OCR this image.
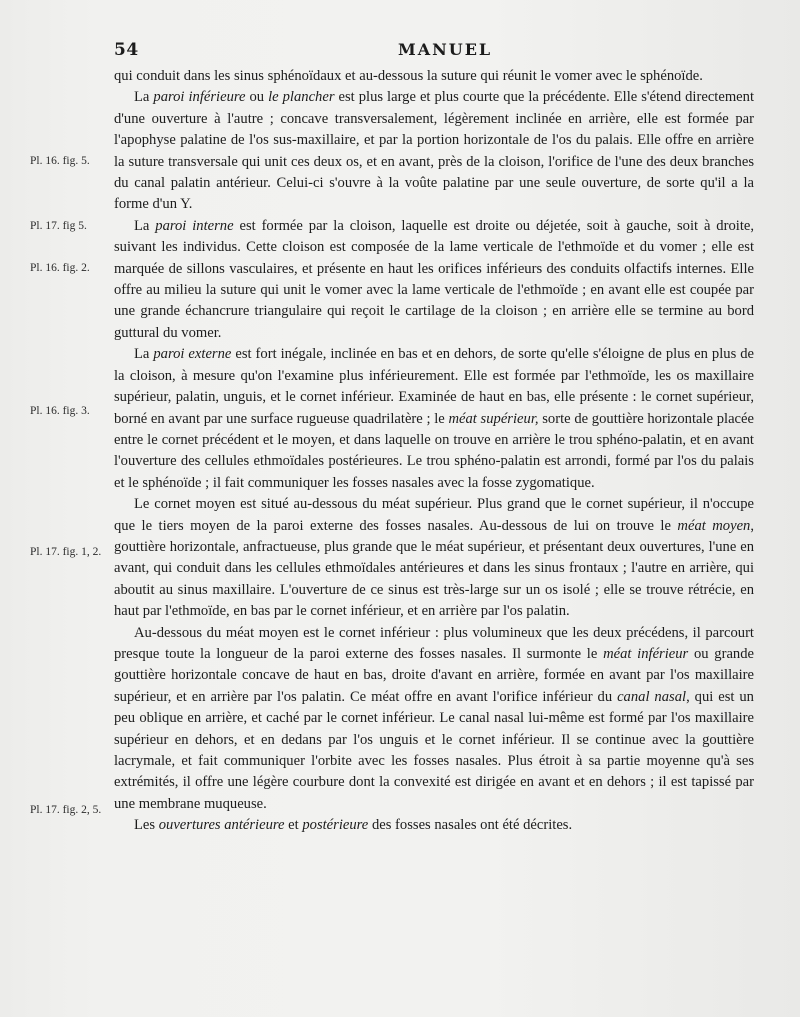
54	MANUEL
Pl. 16. fig. 5.
Pl. 17. fig 5.
Pl. 16. fig. 2.
Pl. 16. fig. 3.
Pl. 17. fig. 1, 2.
Pl. 17. fig. 2, 5.

qui conduit dans les sinus sphénoïdaux et au-dessous la suture qui réunit le vomer avec le sphénoïde.

La paroi inférieure ou le plancher est plus large et plus courte que la précédente. Elle s'étend directement d'une ouverture à l'autre ; concave transversalement, légèrement inclinée en arrière, elle est formée par l'apophyse palatine de l'os sus-maxillaire, et par la portion horizontale de l'os du palais. Elle offre en arrière la suture transversale qui unit ces deux os, et en avant, près de la cloison, l'orifice de l'une des deux branches du canal palatin antérieur. Celui-ci s'ouvre à la voûte palatine par une seule ouverture, de sorte qu'il a la forme d'un Y.

La paroi interne est formée par la cloison, laquelle est droite ou déjetée, soit à gauche, soit à droite, suivant les individus. Cette cloison est composée de la lame verticale de l'ethmoïde et du vomer ; elle est marquée de sillons vasculaires, et présente en haut les orifices inférieurs des conduits olfactifs internes. Elle offre au milieu la suture qui unit le vomer avec la lame verticale de l'ethmoïde ; en avant elle est coupée par une grande échancrure triangulaire qui reçoit le cartilage de la cloison ; en arrière elle se termine au bord guttural du vomer.

La paroi externe est fort inégale, inclinée en bas et en dehors, de sorte qu'elle s'éloigne de plus en plus de la cloison, à mesure qu'on l'examine plus inférieurement. Elle est formée par l'ethmoïde, les os maxillaire supérieur, palatin, unguis, et le cornet inférieur. Examinée de haut en bas, elle présente : le cornet supérieur, borné en avant par une surface rugueuse quadrilatère ; le méat supérieur, sorte de gouttière horizontale placée entre le cornet précédent et le moyen, et dans laquelle on trouve en arrière le trou sphéno-palatin, et en avant l'ouverture des cellules ethmoïdales postérieures. Le trou sphéno-palatin est arrondi, formé par l'os du palais et le sphénoïde ; il fait communiquer les fosses nasales avec la fosse zygomatique.

Le cornet moyen est situé au-dessous du méat supérieur. Plus grand que le cornet supérieur, il n'occupe que le tiers moyen de la paroi externe des fosses nasales. Au-dessous de lui on trouve le méat moyen, gouttière horizontale, anfractueuse, plus grande que le méat supérieur, et présentant deux ouvertures, l'une en avant, qui conduit dans les cellules ethmoïdales antérieures et dans les sinus frontaux ; l'autre en arrière, qui aboutit au sinus maxillaire. L'ouverture de ce sinus est très-large sur un os isolé ; elle se trouve rétrécie, en haut par l'ethmoïde, en bas par le cornet inférieur, et en arrière par l'os palatin.

Au-dessous du méat moyen est le cornet inférieur : plus volumineux que les deux précédens, il parcourt presque toute la longueur de la paroi externe des fosses nasales. Il surmonte le méat inférieur ou grande gouttière horizontale concave de haut en bas, droite d'avant en arrière, formée en avant par l'os maxillaire supérieur, et en arrière par l'os palatin. Ce méat offre en avant l'orifice inférieur du canal nasal, qui est un peu oblique en arrière, et caché par le cornet inférieur. Le canal nasal lui-même est formé par l'os maxillaire supérieur en dehors, et en dedans par l'os unguis et le cornet inférieur. Il se continue avec la gouttière lacrymale, et fait communiquer l'orbite avec les fosses nasales. Plus étroit à sa partie moyenne qu'à ses extrémités, il offre une légère courbure dont la convexité est dirigée en avant et en dehors ; il est tapissé par une membrane muqueuse.

Les ouvertures antérieure et postérieure des fosses nasales ont été décrites.
